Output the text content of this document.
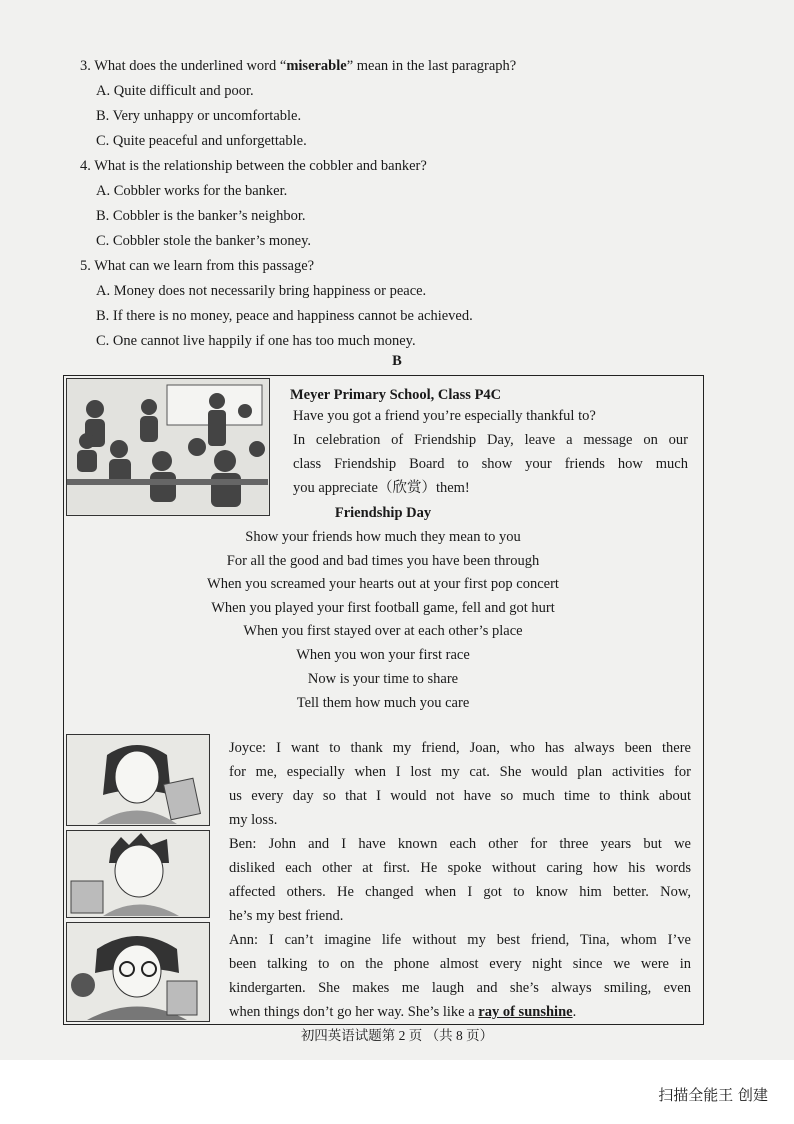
3. What does the underlined word “miserable” mean in the last paragraph?
A. Quite difficult and poor.
B. Very unhappy or uncomfortable.
C. Quite peaceful and unforgettable.
4. What is the relationship between the cobbler and banker?
A. Cobbler works for the banker.
B. Cobbler is the banker’s neighbor.
C. Cobbler stole the banker’s money.
5. What can we learn from this passage?
A. Money does not necessarily bring happiness or peace.
B. If there is no money, peace and happiness cannot be achieved.
C. One cannot live happily if one has too much money.
B
Meyer Primary School, Class P4C
Have you got a friend you’re especially thankful to?
In celebration of Friendship Day, leave a message on our
class Friendship Board to show your friends how much
you appreciate（欣赏）them!
Friendship Day
Show your friends how much they mean to you
For all the good and bad times you have been through
When you screamed your hearts out at your first pop concert
When you played your first football game, fell and got hurt
When you first stayed over at each other’s place
When you won your first race
Now is your time to share
Tell them how much you care
Joyce: I want to thank my friend, Joan, who has always been there
for me, especially when I lost my cat. She would plan activities for
us every day so that I would not have so much time to think about
my loss.
Ben: John and I have known each other for three years but we
disliked each other at first. He spoke without caring how his words
affected others. He changed when I got to know him better. Now,
he’s my best friend.
Ann: I can’t imagine life without my best friend, Tina, whom I’ve
been talking to on the phone almost every night since we were in
kindergarten. She makes me laugh and she’s always smiling, even
when things don’t go her way. She’s like a ray of sunshine.
初四英语试题第 2 页 （共 8 页）
扫描全能王 创建
